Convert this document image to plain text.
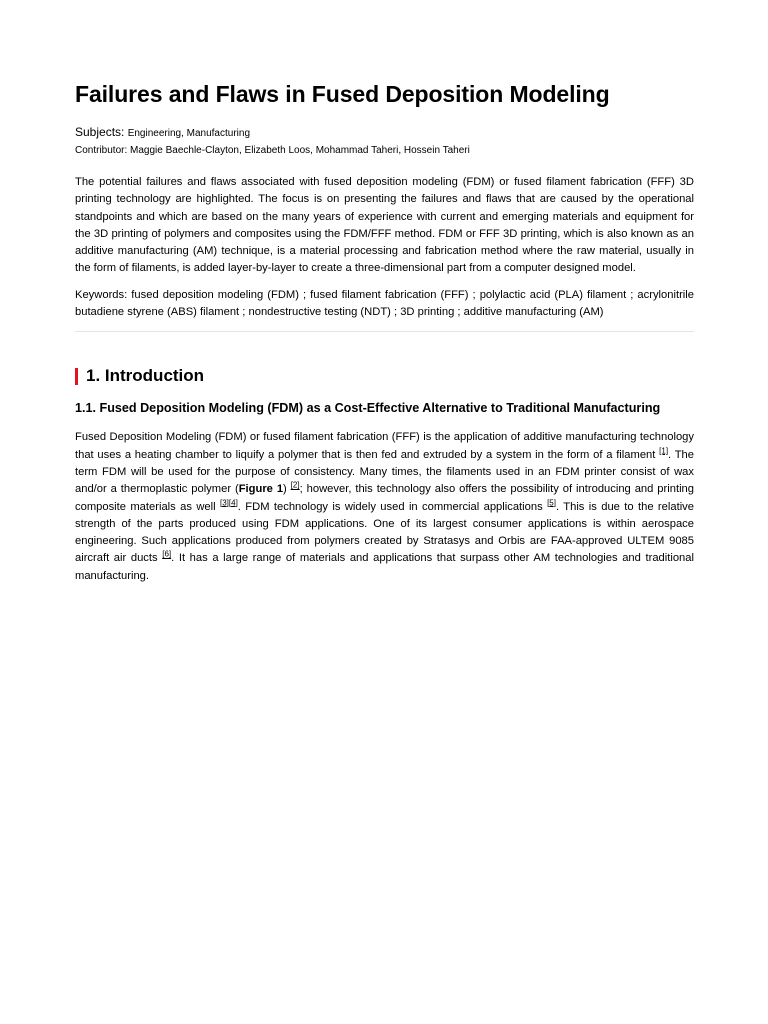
Failures and Flaws in Fused Deposition Modeling
Subjects: Engineering, Manufacturing
Contributor: Maggie Baechle-Clayton, Elizabeth Loos, Mohammad Taheri, Hossein Taheri

The potential failures and flaws associated with fused deposition modeling (FDM) or fused filament fabrication (FFF) 3D printing technology are highlighted. The focus is on presenting the failures and flaws that are caused by the operational standpoints and which are based on the many years of experience with current and emerging materials and equipment for the 3D printing of polymers and composites using the FDM/FFF method. FDM or FFF 3D printing, which is also known as an additive manufacturing (AM) technique, is a material processing and fabrication method where the raw material, usually in the form of filaments, is added layer-by-layer to create a three-dimensional part from a computer designed model.

Keywords: fused deposition modeling (FDM) ; fused filament fabrication (FFF) ; polylactic acid (PLA) filament ; acrylonitrile butadiene styrene (ABS) filament ; nondestructive testing (NDT) ; 3D printing ; additive manufacturing (AM)

1. Introduction
1.1. Fused Deposition Modeling (FDM) as a Cost-Effective Alternative to Traditional Manufacturing

Fused Deposition Modeling (FDM) or fused filament fabrication (FFF) is the application of additive manufacturing technology that uses a heating chamber to liquify a polymer that is then fed and extruded by a system in the form of a filament [1]. The term FDM will be used for the purpose of consistency. Many times, the filaments used in an FDM printer consist of wax and/or a thermoplastic polymer (Figure 1) [2]; however, this technology also offers the possibility of introducing and printing composite materials as well [3][4]. FDM technology is widely used in commercial applications [5]. This is due to the relative strength of the parts produced using FDM applications. One of its largest consumer applications is within aerospace engineering. Such applications produced from polymers created by Stratasys and Orbis are FAA-approved ULTEM 9085 aircraft air ducts [6]. It has a large range of materials and applications that surpass other AM technologies and traditional manufacturing.
